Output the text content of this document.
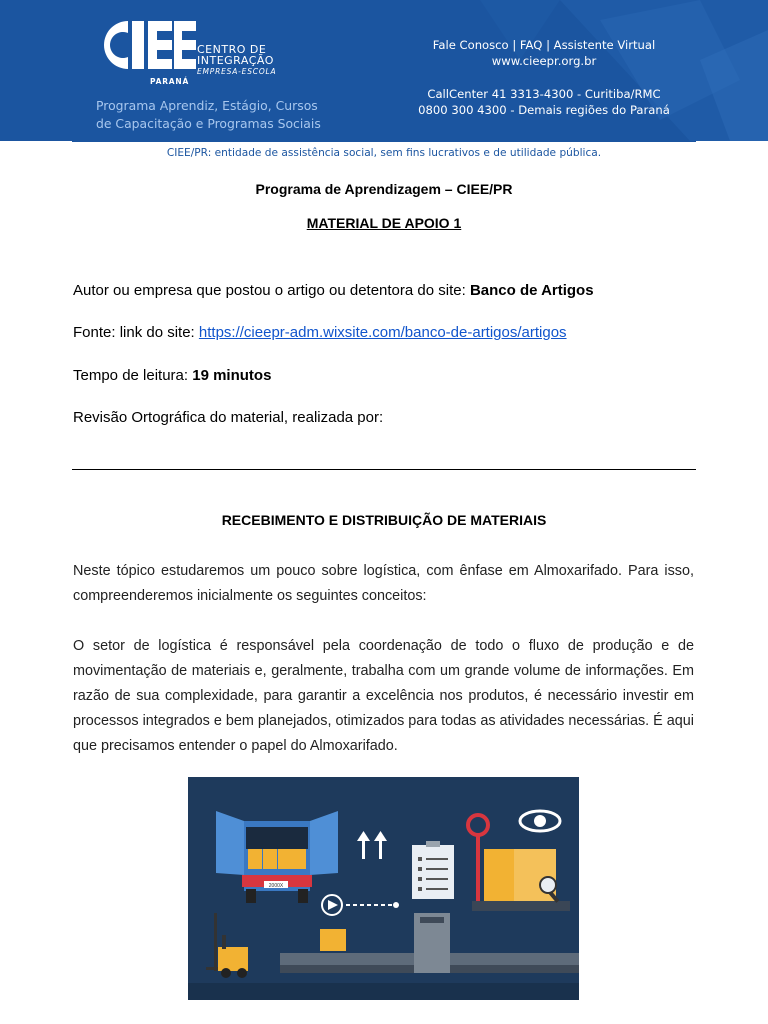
CENTRO DE
INTEGRAÇÃO
EMPRESA-ESCOLA
PARANÁ
Programa Aprendiz, Estágio, Cursos
de Capacitação e Programas Sociais
Fale Conosco | FAQ | Assistente Virtual
www.cieepr.org.br
CallCenter 41 3313-4300 - Curitiba/RMC
0800 300 4300 - Demais regiões do Paraná
CIEE/PR: entidade de assistência social, sem fins lucrativos e de utilidade pública.
Programa de Aprendizagem – CIEE/PR
MATERIAL DE APOIO 1
Autor ou empresa que postou o artigo ou detentora do site: Banco de Artigos
Fonte: link do site: https://cieepr-adm.wixsite.com/banco-de-artigos/artigos
Tempo de leitura: 19 minutos
Revisão Ortográfica do material, realizada por:
RECEBIMENTO E DISTRIBUIÇÃO DE MATERIAIS
Neste tópico estudaremos um pouco sobre logística, com ênfase em Almoxarifado. Para isso, compreenderemos inicialmente os seguintes conceitos:
O setor de logística é responsável pela coordenação de todo o fluxo de produção e de movimentação de materiais e, geralmente, trabalha com um grande volume de informações. Em razão de sua complexidade, para garantir a excelência nos produtos, é necessário investir em processos integrados e bem planejados, otimizados para todas as atividades necessárias. É aqui que precisamos entender o papel do Almoxarifado.
2000X
